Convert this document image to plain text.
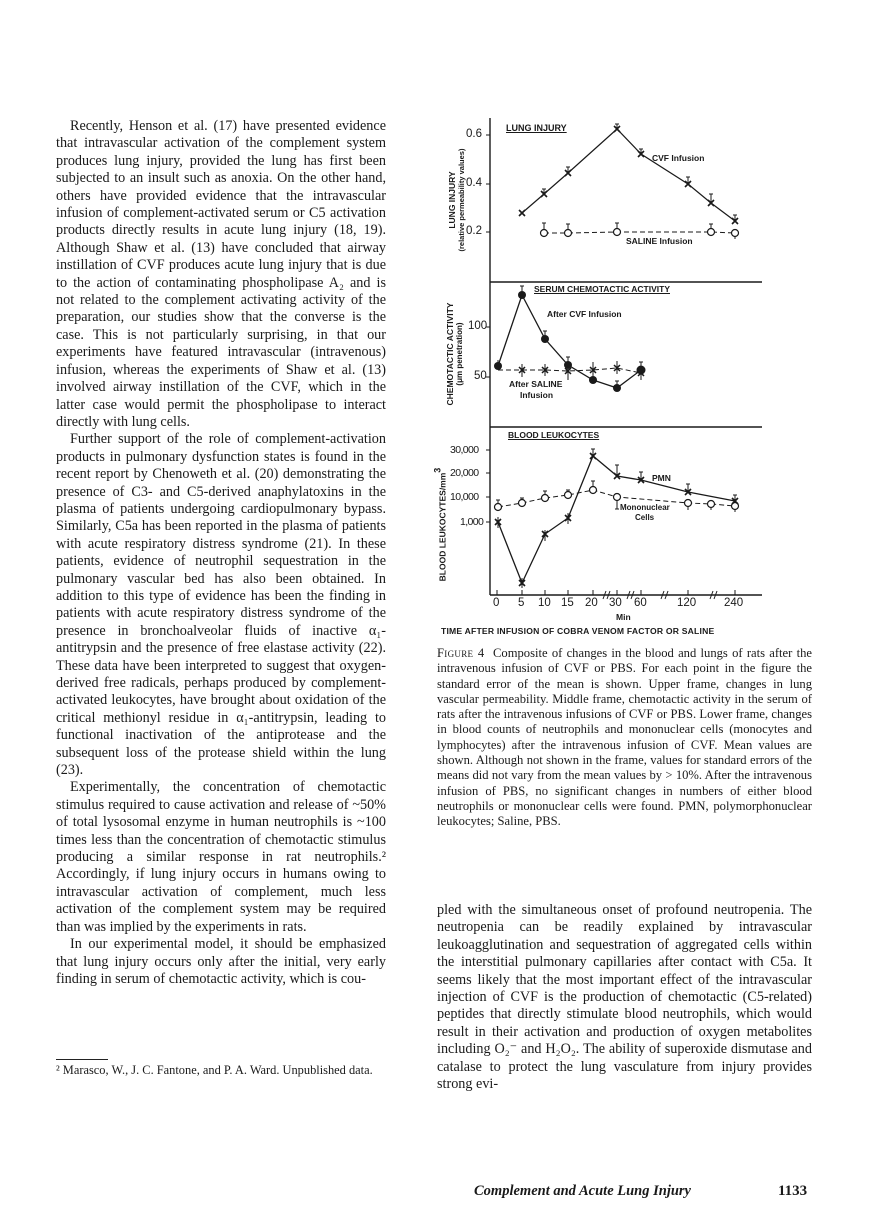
Recently, Henson et al. (17) have presented evidence that intravascular activation of the complement system produces lung injury, provided the lung has first been subjected to an insult such as anoxia. On the other hand, others have provided evidence that the intravascular infusion of complement-activated serum or C5 activation products directly results in acute lung injury (18, 19). Although Shaw et al. (13) have concluded that airway instillation of CVF produces acute lung injury that is due to the action of contaminating phospholipase A₂ and is not related to the complement activating activity of the preparation, our studies show that the converse is the case. This is not particularly surprising, in that our experiments have featured intravascular (intravenous) infusion, whereas the experiments of Shaw et al. (13) involved airway instillation of the CVF, which in the latter case would permit the phospholipase to interact directly with lung cells.

Further support of the role of complement-activation products in pulmonary dysfunction states is found in the recent report by Chenoweth et al. (20) demonstrating the presence of C3- and C5-derived anaphylatoxins in the plasma of patients undergoing cardiopulmonary bypass. Similarly, C5a has been reported in the plasma of patients with acute respiratory distress syndrome (21). In these patients, evidence of neutrophil sequestration in the pulmonary vascular bed has also been obtained. In addition to this type of evidence has been the finding in patients with acute respiratory distress syndrome of the presence in bronchoalveolar fluids of inactive α₁-antitrypsin and the presence of free elastase activity (22). These data have been interpreted to suggest that oxygen-derived free radicals, perhaps produced by complement-activated leukocytes, have brought about oxidation of the critical methionyl residue in α₁-antitrypsin, leading to functional inactivation of the antiprotease and the subsequent loss of the protease shield within the lung (23).

Experimentally, the concentration of chemotactic stimulus required to cause activation and release of ~50% of total lysosomal enzyme in human neutrophils is ~100 times less than the concentration of chemotactic stimulus producing a similar response in rat neutrophils.² Accordingly, if lung injury occurs in humans owing to intravascular activation of complement, much less activation of the complement system may be required than was implied by the experiments in rats.

In our experimental model, it should be emphasized that lung injury occurs only after the initial, very early finding in serum of chemotactic activity, which is cou-

² Marasco, W., J. C. Fantone, and P. A. Ward. Unpublished data.
LUNG INJURY
0.6
0.4
0.2
CVF Infusion
SALINE Infusion
LUNG INJURY (relative permeability values)
SERUM CHEMOTACTIC ACTIVITY
100
50
After CVF Infusion
After SALINE
Infusion
CHEMOTACTIC ACTIVITY (μm penetration)
BLOOD LEUKOCYTES
30,000
20,000
10,000
1,000
PMN
Mononuclear
Cells
BLOOD LEUKOCYTES/mm3
0 5 10 15 20 30 60	120 240
Min
TIME AFTER INFUSION OF COBRA VENOM FACTOR OR SALINE
Figure 4 Composite of changes in the blood and lungs of rats after the intravenous infusion of CVF or PBS. For each point in the figure the standard error of the mean is shown. Upper frame, changes in lung vascular permeability. Middle frame, chemotactic activity in the serum of rats after the intravenous infusions of CVF or PBS. Lower frame, changes in blood counts of neutrophils and mononuclear cells (monocytes and lymphocytes) after the intravenous infusion of CVF. Mean values are shown. Although not shown in the frame, values for standard errors of the means did not vary from the mean values by > 10%. After the intravenous infusion of PBS, no significant changes in numbers of either blood neutrophils or mononuclear cells were found. PMN, polymorphonuclear leukocytes; Saline, PBS.

pled with the simultaneous onset of profound neutropenia. The neutropenia can be readily explained by intravascular leukoagglutination and sequestration of aggregated cells within the interstitial pulmonary capillaries after contact with C5a. It seems likely that the most important effect of the intravascular injection of CVF is the production of chemotactic (C5-related) peptides that directly stimulate blood neutrophils, which would result in their activation and production of oxygen metabolites including O₂⁻ and H₂O₂. The ability of superoxide dismutase and catalase to protect the lung vasculature from injury provides strong evi-

Complement and Acute Lung Injury	1133
